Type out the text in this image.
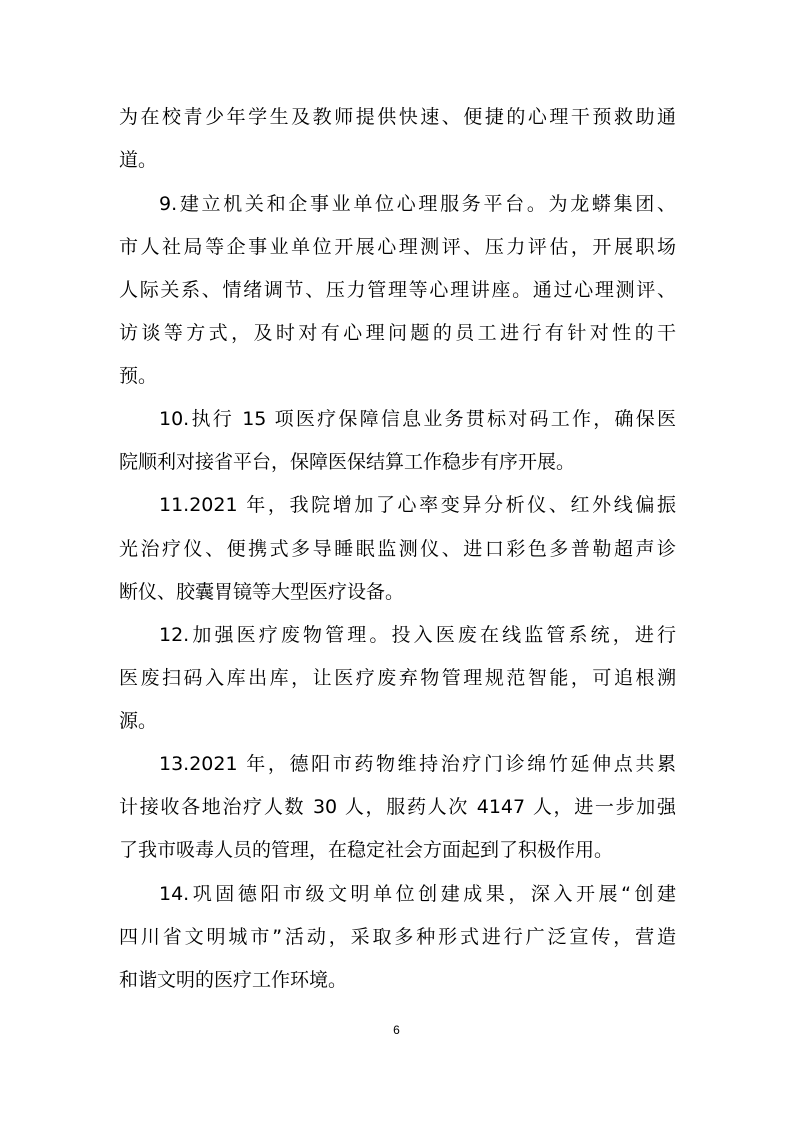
为在校青少年学生及教师提供快速、便捷的心理干预救助通
道。
9.建立机关和企事业单位心理服务平台。为龙蟒集团、
市人社局等企事业单位开展心理测评、压力评估，开展职场
人际关系、情绪调节、压力管理等心理讲座。通过心理测评、
访谈等方式，及时对有心理问题的员工进行有针对性的干
预。
10.执行 15 项医疗保障信息业务贯标对码工作，确保医
院顺利对接省平台，保障医保结算工作稳步有序开展。
11.2021 年，我院增加了心率变异分析仪、红外线偏振
光治疗仪、便携式多导睡眠监测仪、进口彩色多普勒超声诊
断仪、胶囊胃镜等大型医疗设备。
12.加强医疗废物管理。投入医废在线监管系统，进行
医废扫码入库出库，让医疗废弃物管理规范智能，可追根溯
源。
13.2021 年，德阳市药物维持治疗门诊绵竹延伸点共累
计接收各地治疗人数 30 人，服药人次 4147 人，进一步加强
了我市吸毒人员的管理，在稳定社会方面起到了积极作用。
14.巩固德阳市级文明单位创建成果，深入开展“创建
四川省文明城市”活动，采取多种形式进行广泛宣传，营造
和谐文明的医疗工作环境。
6
